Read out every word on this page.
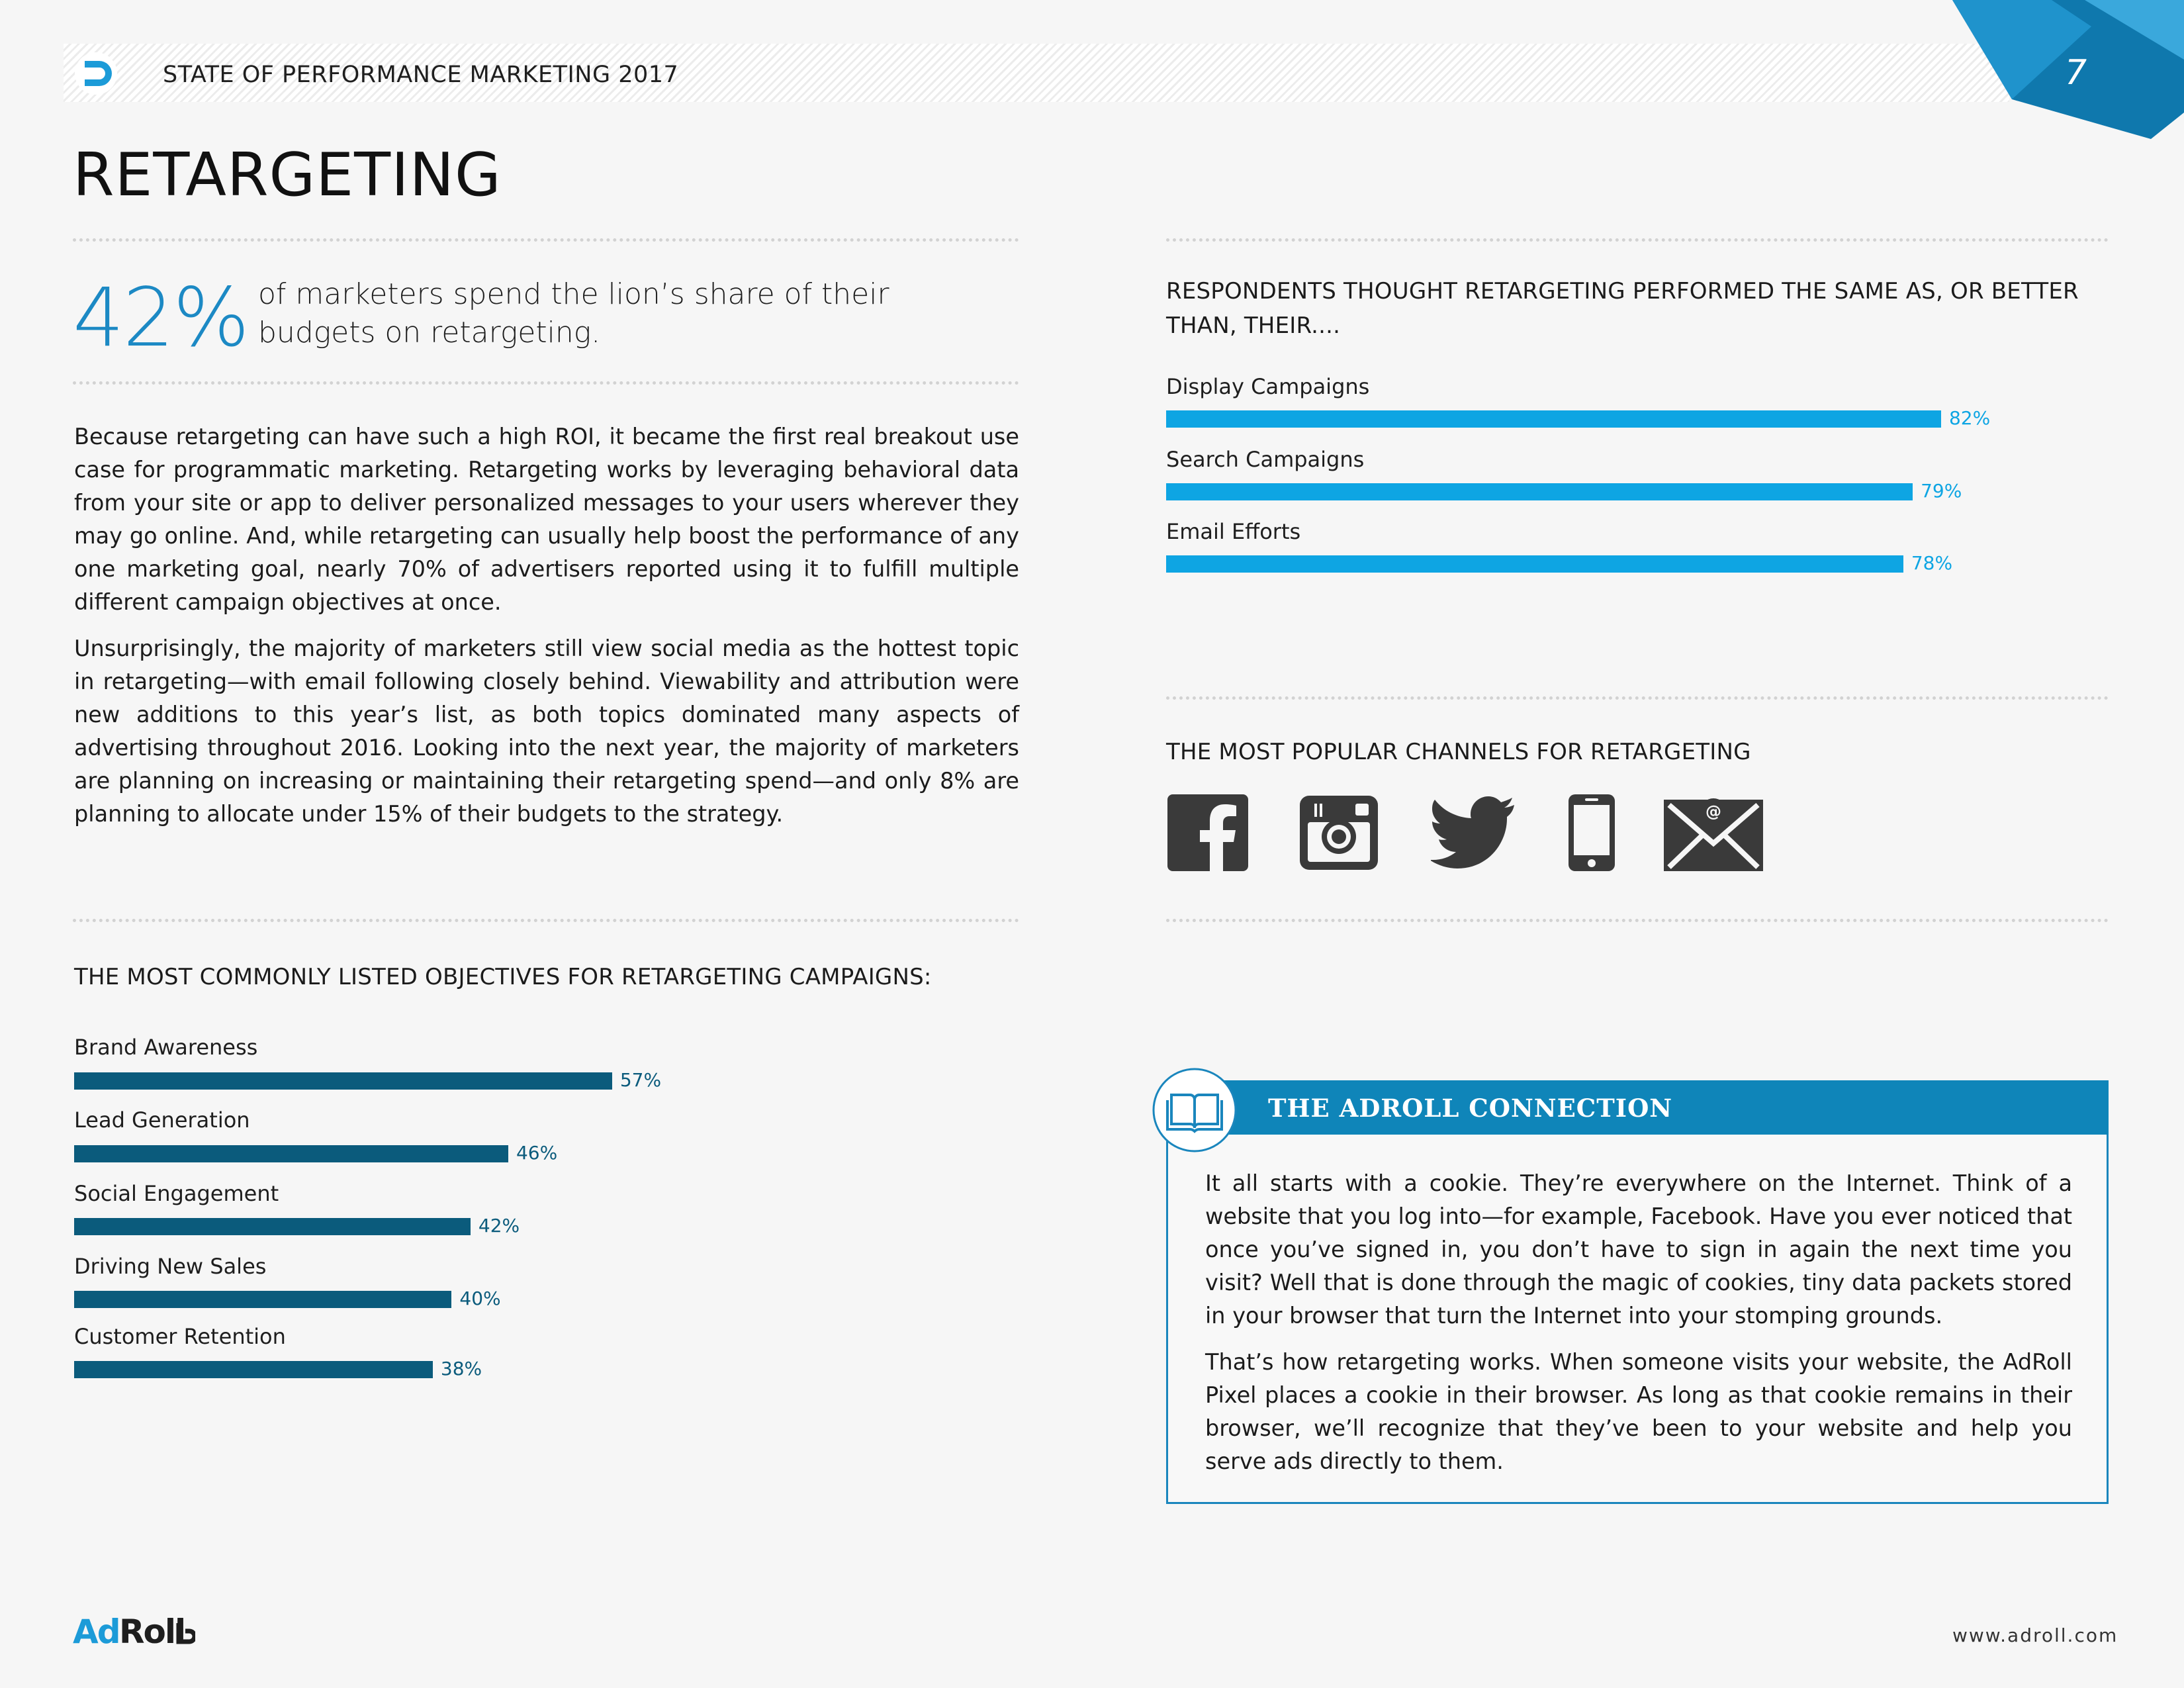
STATE OF PERFORMANCE MARKETING 2017	7
RETARGETING
42% of marketers spend the lion’s share of their budgets on retargeting.
Because retargeting can have such a high ROI, it became the first real breakout use case for programmatic marketing. Retargeting works by leveraging behavioral data from your site or app to deliver personalized messages to your users wherever they may go online. And, while retargeting can usually help boost the performance of any one marketing goal, nearly 70% of advertisers reported using it to fulfill multiple different campaign objectives at once.
Unsurprisingly, the majority of marketers still view social media as the hottest topic in retargeting—with email following closely behind. Viewability and attribution were new additions to this year’s list, as both topics dominated many aspects of advertising throughout 2016. Looking into the next year, the majority of marketers are planning on increasing or maintaining their retargeting spend—and only 8% are planning to allocate under 15% of their budgets to the strategy.
THE MOST COMMONLY LISTED OBJECTIVES FOR RETARGETING CAMPAIGNS:
Brand Awareness
57%
Lead Generation
46%
Social Engagement
42%
Driving New Sales
40%
Customer Retention
38%
RESPONDENTS THOUGHT RETARGETING PERFORMED THE SAME AS, OR BETTER THAN, THEIR....
Display Campaigns
82%
Search Campaigns
79%
Email Efforts
78%
THE MOST POPULAR CHANNELS FOR RETARGETING
@
THE ADROLL CONNECTION
It all starts with a cookie. They’re everywhere on the Internet. Think of a website that you log into—for example, Facebook. Have you ever noticed that once you’ve signed in, you don’t have to sign in again the next time you visit? Well that is done through the magic of cookies, tiny data packets stored in your browser that turn the Internet into your stomping grounds.
That’s how retargeting works. When someone visits your website, the AdRoll Pixel places a cookie in their browser. As long as that cookie remains in their browser, we’ll recognize that they’ve been to your website and help you serve ads directly to them.
Ad Roll	www.adroll.com
